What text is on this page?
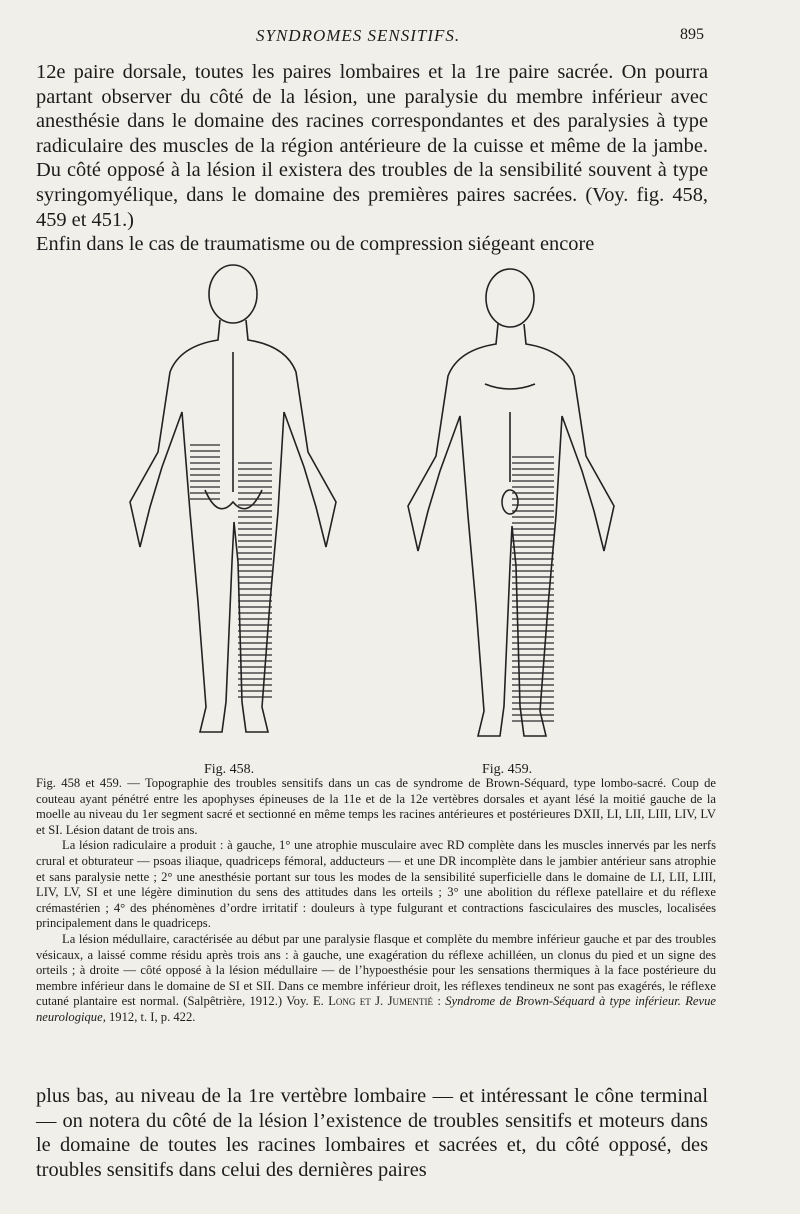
SYNDROMES SENSITIFS.	895

12e paire dorsale, toutes les paires lombaires et la 1re paire sacrée. On pourra partant observer du côté de la lésion, une paralysie du membre inférieur avec anesthésie dans le domaine des racines correspondantes et des paralysies à type radiculaire des muscles de la région antérieure de la cuisse et même de la jambe. Du côté opposé à la lésion il existera des troubles de la sensibilité souvent à type syringomyélique, dans le domaine des premières paires sacrées. (Voy. fig. 458, 459 et 451.)

Enfin dans le cas de traumatisme ou de compression siégeant encore

Fig. 458.	Fig. 459.

Fig. 458 et 459. — Topographie des troubles sensitifs dans un cas de syndrome de Brown-Séquard, type lombo-sacré. Coup de couteau ayant pénétré entre les apophyses épineuses de la 11e et de la 12e vertèbres dorsales et ayant lésé la moitié gauche de la moelle au niveau du 1er segment sacré et sectionné en même temps les racines antérieures et postérieures DXII, LI, LII, LIII, LIV, LV et SI. Lésion datant de trois ans.

La lésion radiculaire a produit : à gauche, 1° une atrophie musculaire avec RD complète dans les muscles innervés par les nerfs crural et obturateur — psoas iliaque, quadriceps fémoral, adducteurs — et une DR incomplète dans le jambier antérieur sans atrophie et sans paralysie nette ; 2° une anesthésie portant sur tous les modes de la sensibilité superficielle dans le domaine de LI, LII, LIII, LIV, LV, SI et une légère diminution du sens des attitudes dans les orteils ; 3° une abolition du réflexe patellaire et du réflexe crémastérien ; 4° des phénomènes d’ordre irritatif : douleurs à type fulgurant et contractions fasciculaires des muscles, localisées principalement dans le quadriceps.

La lésion médullaire, caractérisée au début par une paralysie flasque et complète du membre inférieur gauche et par des troubles vésicaux, a laissé comme résidu après trois ans : à gauche, une exagération du réflexe achilléen, un clonus du pied et un signe des orteils ; à droite — côté opposé à la lésion médullaire — de l’hypoesthésie pour les sensations thermiques à la face postérieure du membre inférieur dans le domaine de SI et SII. Dans ce membre inférieur droit, les réflexes tendineux ne sont pas exagérés, le réflexe cutané plantaire est normal. (Salpêtrière, 1912.) Voy. E. Long et J. Jumentié : Syndrome de Brown-Séquard à type inférieur. Revue neurologique, 1912, t. I, p. 422.

plus bas, au niveau de la 1re vertèbre lombaire — et intéressant le cône terminal — on notera du côté de la lésion l’existence de troubles sensitifs et moteurs dans le domaine de toutes les racines lombaires et sacrées et, du côté opposé, des troubles sensitifs dans celui des dernières paires
